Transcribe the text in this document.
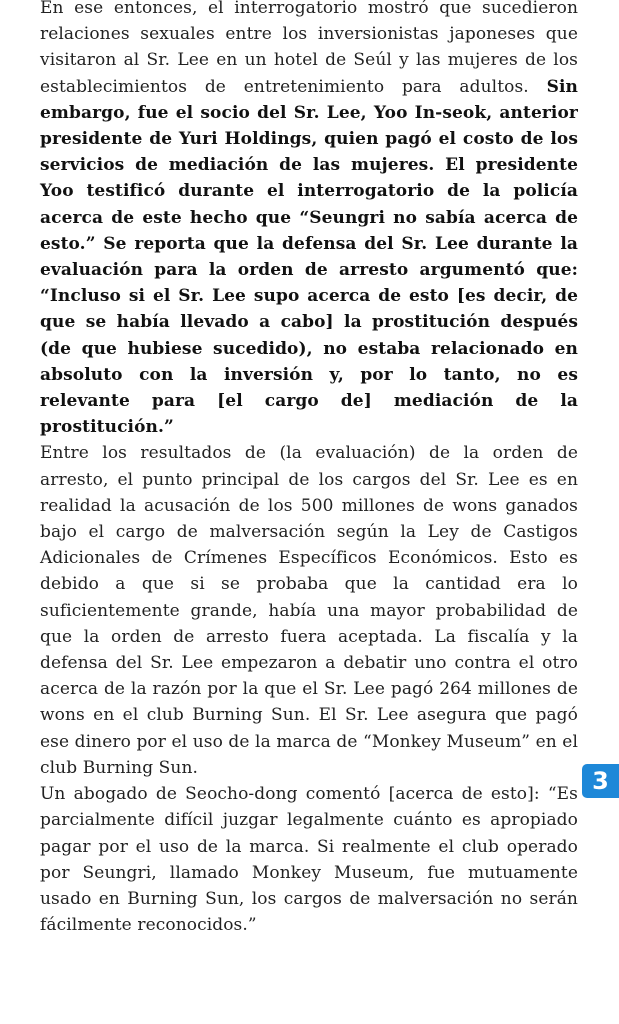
En ese entonces, el interrogatorio mostró que sucedieron relaciones sexuales entre los inversionistas japoneses que visitaron al Sr. Lee en un hotel de Seúl y las mujeres de los establecimientos de entretenimiento para adultos. Sin embargo, fue el socio del Sr. Lee, Yoo In-seok, anterior presidente de Yuri Holdings, quien pagó el costo de los servicios de mediación de las mujeres. El presidente Yoo testificó durante el interrogatorio de la policía acerca de este hecho que “Seungri no sabía acerca de esto.” Se reporta que la defensa del Sr. Lee durante la evaluación para la orden de arresto argumentó que: “Incluso si el Sr. Lee supo acerca de esto [es decir, de que se había llevado a cabo] la prostitución después (de que hubiese sucedido), no estaba relacionado en absoluto con la inversión y, por lo tanto, no es relevante para [el cargo de] mediación de la prostitución.”

Entre los resultados de (la evaluación) de la orden de arresto, el punto principal de los cargos del Sr. Lee es en realidad la acusación de los 500 millones de wons ganados bajo el cargo de malversación según la Ley de Castigos Adicionales de Crímenes Específicos Económicos. Esto es debido a que si se probaba que la cantidad era lo suficientemente grande, había una mayor probabilidad de que la orden de arresto fuera aceptada. La fiscalía y la defensa del Sr. Lee empezaron a debatir uno contra el otro acerca de la razón por la que el Sr. Lee pagó 264 millones de wons en el club Burning Sun. El Sr. Lee asegura que pagó ese dinero por el uso de la marca de “Monkey Museum” en el club Burning Sun.

Un abogado de Seocho-dong comentó [acerca de esto]: “Es parcialmente difícil juzgar legalmente cuánto es apropiado pagar por el uso de la marca. Si realmente el club operado por Seungri, llamado Monkey Museum, fue mutuamente usado en Burning Sun, los cargos de malversación no serán fácilmente reconocidos.”

3
